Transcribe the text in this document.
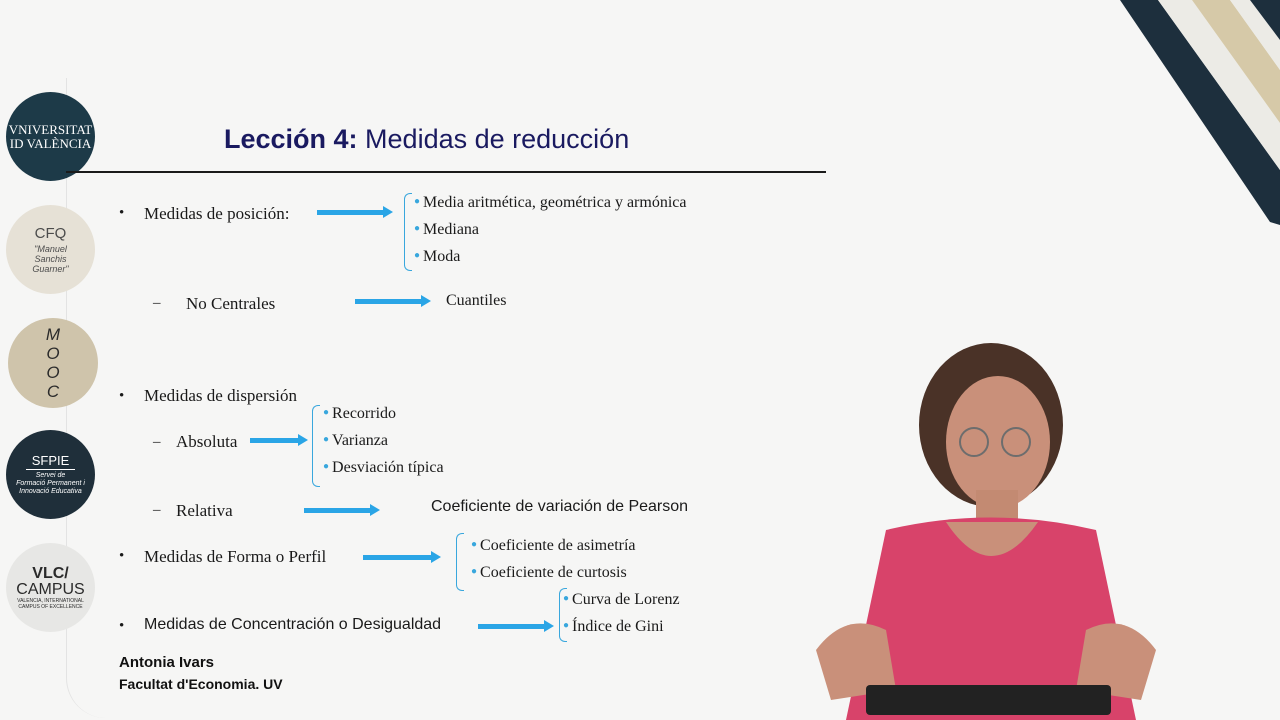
VNIVERSITAT
ID VALÈNCIA
CFQ
"Manuel
Sanchis
Guarner"
M
O
O
C
SFPIE
Servei de
Formació Permanent i
Innovació Educativa
VLC/
CAMPUS
VALENCIA, INTERNATIONAL
CAMPUS OF EXCELLENCE
Lección 4: Medidas de reducción
• Medidas de posición:
● Media aritmética, geométrica y armónica
● Mediana
● Moda
– No Centrales	Cuantiles
• Medidas de dispersión
– Absoluta
● Recorrido
● Varianza
● Desviación típica
– Relativa	Coeficiente de variación de Pearson
• Medidas de Forma o Perfil
● Coeficiente de asimetría
● Coeficiente de curtosis
• Medidas de Concentración o Desigualdad
● Curva de Lorenz
● Índice de Gini
Antonia Ivars
Facultat d'Economia. UV
